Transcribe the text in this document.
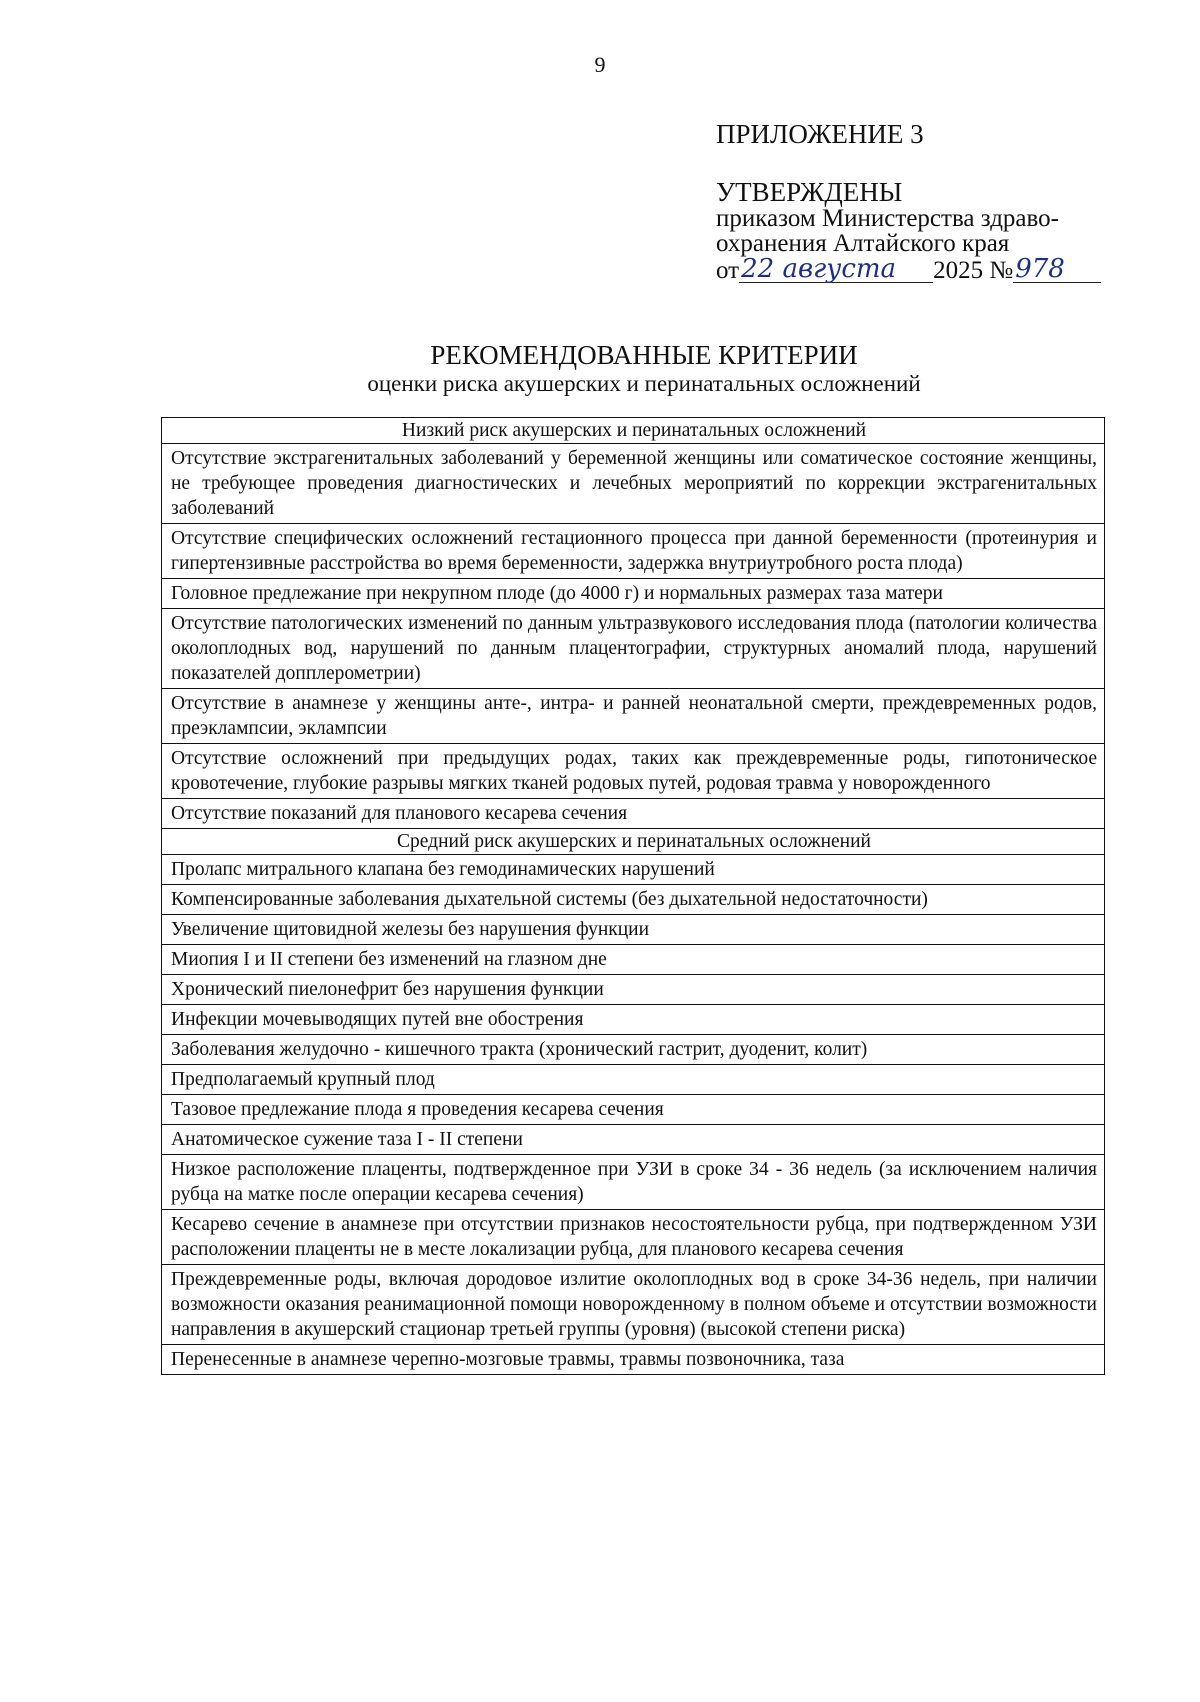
9
ПРИЛОЖЕНИЕ 3
УТВЕРЖДЕНЫ
приказом Министерства здраво-
охранения Алтайского края
от 22 августа	2025 № 978
РЕКОМЕНДОВАННЫЕ КРИТЕРИИ
оценки риска акушерских и перинатальных осложнений
Низкий риск акушерских и перинатальных осложнений
Отсутствие экстрагенитальных заболеваний у беременной женщины или соматическое состояние женщины, не требующее проведения диагностических и лечебных мероприятий по коррекции экстрагенитальных заболеваний
Отсутствие специфических осложнений гестационного процесса при данной беременности (протеинурия и гипертензивные расстройства во время беременности, задержка внутриутробного роста плода)
Головное предлежание при некрупном плоде (до 4000 г) и нормальных размерах таза матери
Отсутствие патологических изменений по данным ультразвукового исследования плода (патологии количества околоплодных вод, нарушений по данным плацентографии, структурных аномалий плода, нарушений показателей допплерометрии)
Отсутствие в анамнезе у женщины анте-, интра- и ранней неонатальной смерти, преждевременных родов, преэклампсии, эклампсии
Отсутствие осложнений при предыдущих родах, таких как преждевременные роды, гипотоническое кровотечение, глубокие разрывы мягких тканей родовых путей, родовая травма у новорожденного
Отсутствие показаний для планового кесарева сечения
Средний риск акушерских и перинатальных осложнений
Пролапс митрального клапана без гемодинамических нарушений
Компенсированные заболевания дыхательной системы (без дыхательной недостаточности)
Увеличение щитовидной железы без нарушения функции
Миопия I и II степени без изменений на глазном дне
Хронический пиелонефрит без нарушения функции
Инфекции мочевыводящих путей вне обострения
Заболевания желудочно - кишечного тракта (хронический гастрит, дуоденит, колит)
Предполагаемый крупный плод
Тазовое предлежание плода я проведения кесарева сечения
Анатомическое сужение таза I - II степени
Низкое расположение плаценты, подтвержденное при УЗИ в сроке 34 - 36 недель (за исключением наличия рубца на матке после операции кесарева сечения)
Кесарево сечение в анамнезе при отсутствии признаков несостоятельности рубца, при подтвержденном УЗИ расположении плаценты не в месте локализации рубца, для планового кесарева сечения
Преждевременные роды, включая дородовое излитие околоплодных вод в сроке 34-36 недель, при наличии возможности оказания реанимационной помощи новорожденному в полном объеме и отсутствии возможности направления в акушерский стационар третьей группы (уровня) (высокой степени риска)
Перенесенные в анамнезе черепно-мозговые травмы, травмы позвоночника, таза
